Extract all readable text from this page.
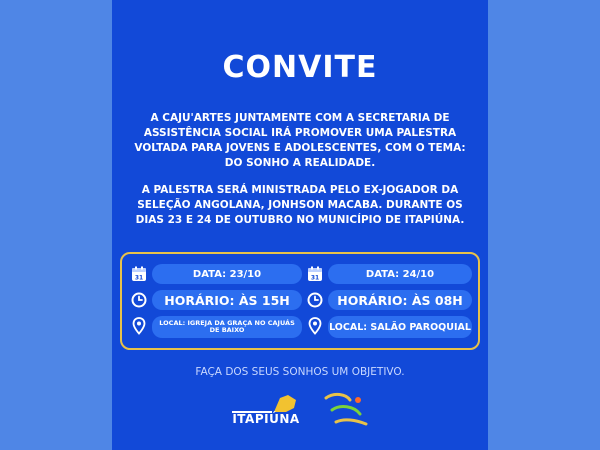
CONVITE
A CAJU'ARTES JUNTAMENTE COM A SECRETARIA DE ASSISTÊNCIA SOCIAL IRÁ PROMOVER UMA PALESTRA VOLTADA PARA JOVENS E ADOLESCENTES, COM O TEMA: DO SONHO A REALIDADE.
A PALESTRA SERÁ MINISTRADA PELO EX-JOGADOR DA SELEÇÃO ANGOLANA, JONHSON MACABA. DURANTE OS DIAS 23 E 24 DE OUTUBRO NO MUNICÍPIO DE ITAPIÚNA.
31	DATA: 23/10
HORÁRIO: ÀS 15H
LOCAL: IGREJA DA GRAÇA NO CAJUÁS DE BAIXO
31	DATA: 24/10
HORÁRIO: ÀS 08H
LOCAL: SALÃO PAROQUIAL
FAÇA DOS SEUS SONHOS UM OBJETIVO.
ITAPIÚNA
